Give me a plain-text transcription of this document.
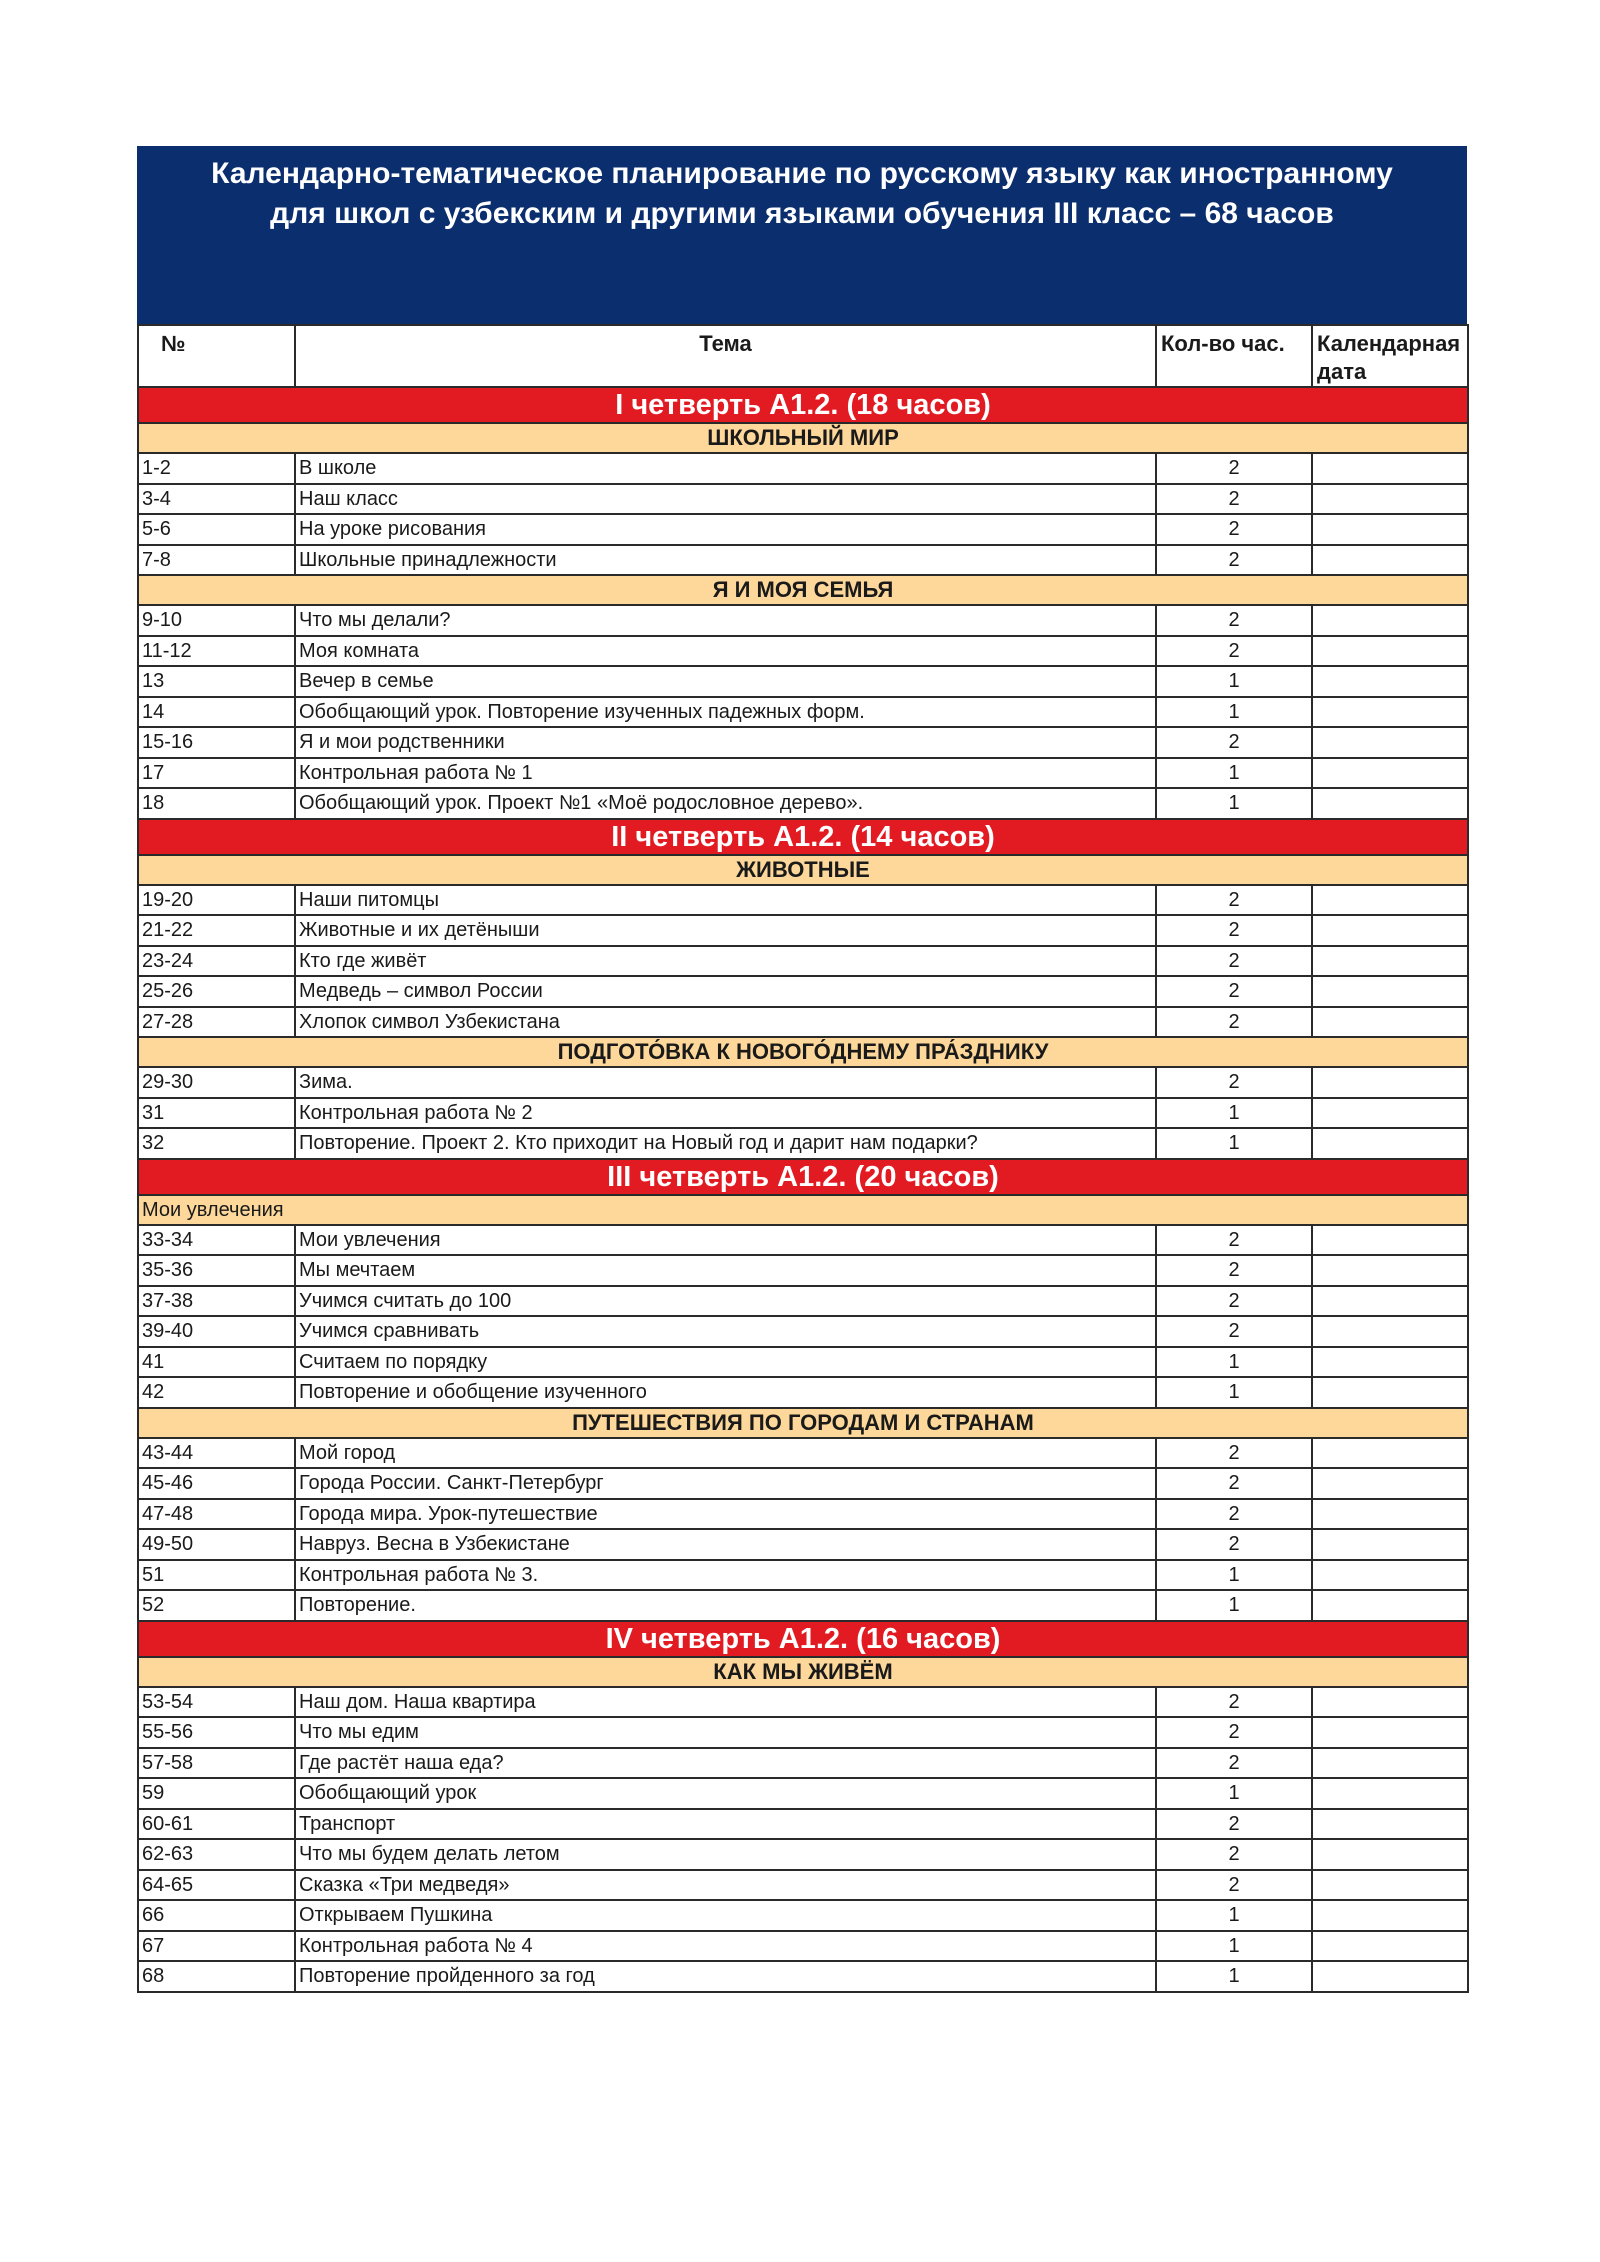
Календарно-тематическое планирование по русскому языку как иностранному
для школ с узбекским и другими языками обучения III класс – 68 часов
№	Тема	Кол-во час.	Календарная дата
I четверть А1.2. (18 часов)			
ШКОЛЬНЫЙ МИР			
1-2	В школе	2	
3-4	Наш класс	2	
5-6	На уроке рисования	2	
7-8	Школьные принадлежности	2	
Я И МОЯ СЕМЬЯ			
9-10	Что мы делали?	2	
11-12	Моя комната	2	
13	Вечер в семье	1	
14	Обобщающий урок. Повторение изученных падежных форм.	1	
15-16	Я и мои родственники	2	
17	Контрольная работа № 1	1	
18	Обобщающий урок. Проект №1 «Моё родословное дерево».	1	
II четверть А1.2. (14 часов)			
ЖИВОТНЫЕ			
19-20	Наши питомцы	2	
21-22	Животные и их детёныши	2	
23-24	Кто где живёт	2	
25-26	Медведь – символ России	2	
27-28	Хлопок символ Узбекистана	2	
ПОДГОТО́ВКА К НОВОГО́ДНЕМУ ПРА́ЗДНИКУ			
29-30	Зима.	2	
31	Контрольная работа № 2	1	
32	Повторение. Проект 2. Кто приходит на Новый год и дарит нам подарки?	1	
III четверть А1.2. (20 часов)			
Мои увлечения			
33-34	Мои увлечения	2	
35-36	Мы мечтаем	2	
37-38	Учимся считать до 100	2	
39-40	Учимся сравнивать	2	
41	Считаем по порядку	1	
42	Повторение и обобщение изученного	1	
ПУТЕШЕСТВИЯ ПО ГОРОДАМ И СТРАНАМ			
43-44	Мой город	2	
45-46	Города России. Санкт-Петербург	2	
47-48	Города мира. Урок-путешествие	2	
49-50	Навруз. Весна в Узбекистане	2	
51	Контрольная работа № 3.	1	
52	Повторение.	1	
IV четверть А1.2. (16 часов)			
КАК МЫ ЖИВЁМ			
53-54	Наш дом. Наша квартира	2	
55-56	Что мы едим	2	
57-58	Где растёт наша еда?	2	
59	Обобщающий урок	1	
60-61	Транспорт	2	
62-63	Что мы будем делать летом	2	
64-65	Сказка «Три медведя»	2	
66	Открываем Пушкина	1	
67	Контрольная работа № 4	1	
68	Повторение пройденного за год	1	
